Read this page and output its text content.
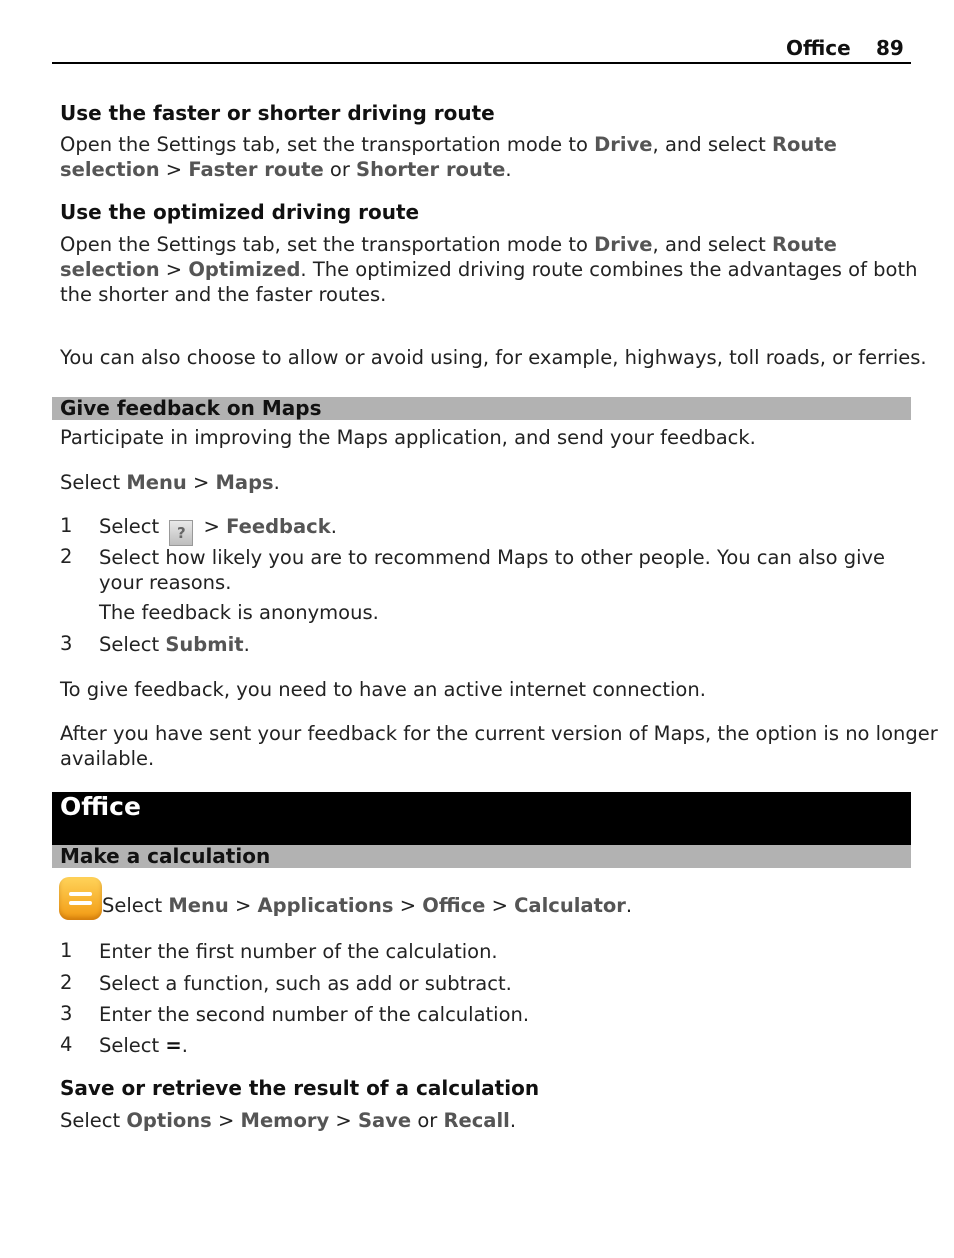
Office 89
Use the faster or shorter driving route
Open the Settings tab, set the transportation mode to Drive, and select Route
selection > Faster route or Shorter route.
Use the optimized driving route
Open the Settings tab, set the transportation mode to Drive, and select Route
selection > Optimized. The optimized driving route combines the advantages of both
the shorter and the faster routes.
You can also choose to allow or avoid using, for example, highways, toll roads, or ferries.
Give feedback on Maps
Participate in improving the Maps application, and send your feedback.
Select Menu > Maps.
1 Select ? > Feedback.
2 Select how likely you are to recommend Maps to other people. You can also give
your reasons.
The feedback is anonymous.
3 Select Submit.
To give feedback, you need to have an active internet connection.
After you have sent your feedback for the current version of Maps, the option is no longer
available.
Office
Make a calculation
Select Menu > Applications > Office > Calculator.
1 Enter the first number of the calculation.
2 Select a function, such as add or subtract.
3 Enter the second number of the calculation.
4 Select =.
Save or retrieve the result of a calculation
Select Options > Memory > Save or Recall.
